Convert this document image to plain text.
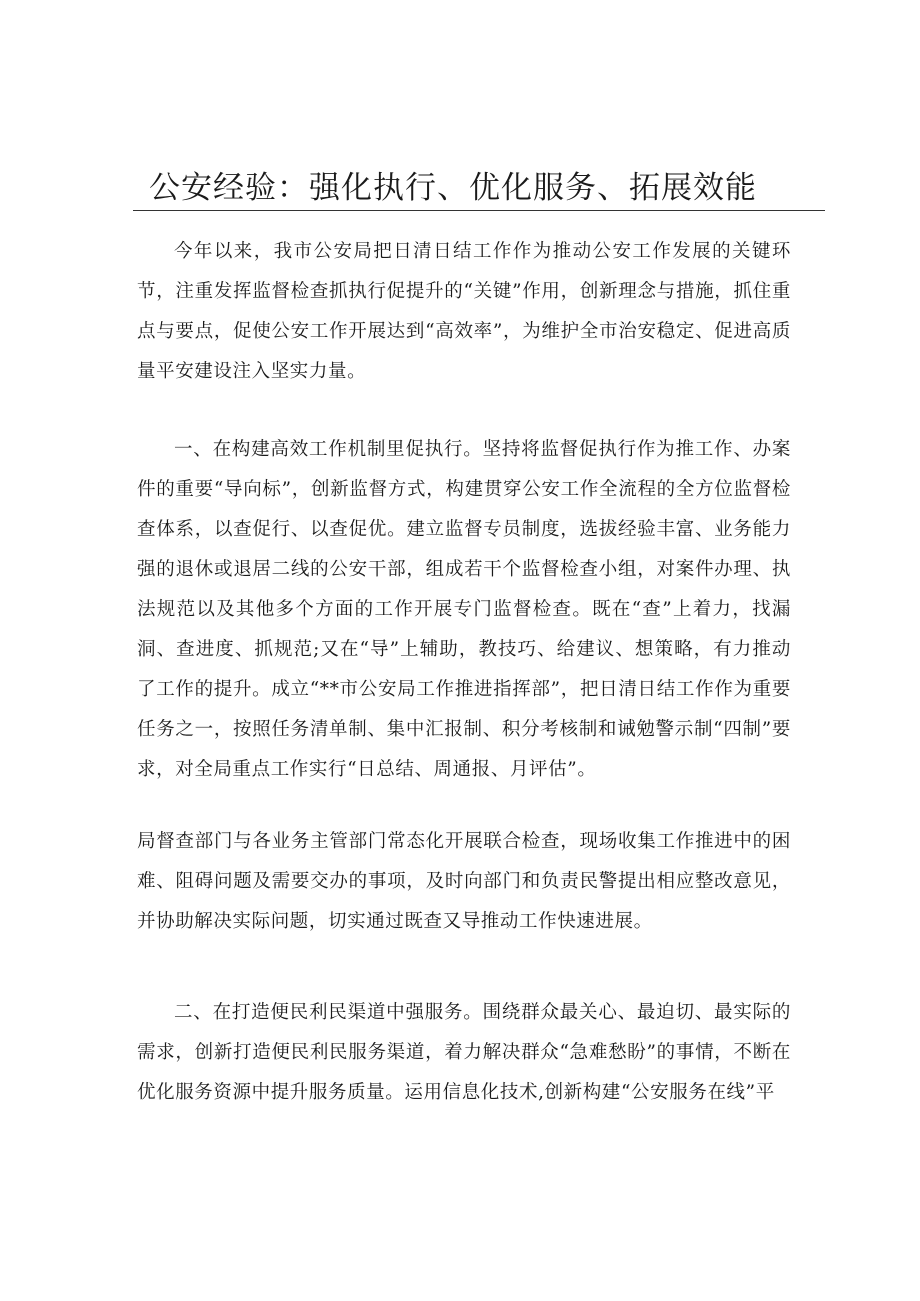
公安经验：强化执行、优化服务、拓展效能

今年以来，我市公安局把日清日结工作作为推动公安工作发展的关键环节，注重发挥监督检查抓执行促提升的“关键”作用，创新理念与措施，抓住重点与要点，促使公安工作开展达到“高效率”，为维护全市治安稳定、促进高质量平安建设注入坚实力量。

一、在构建高效工作机制里促执行。坚持将监督促执行作为推工作、办案件的重要“导向标”，创新监督方式，构建贯穿公安工作全流程的全方位监督检查体系，以查促行、以查促优。建立监督专员制度，选拔经验丰富、业务能力强的退休或退居二线的公安干部，组成若干个监督检查小组，对案件办理、执法规范以及其他多个方面的工作开展专门监督检查。既在“查”上着力，找漏洞、查进度、抓规范;又在“导”上辅助，教技巧、给建议、想策略，有力推动了工作的提升。成立“**市公安局工作推进指挥部”，把日清日结工作作为重要任务之一，按照任务清单制、集中汇报制、积分考核制和诫勉警示制“四制”要求，对全局重点工作实行“日总结、周通报、月评估”。

局督查部门与各业务主管部门常态化开展联合检查，现场收集工作推进中的困难、阻碍问题及需要交办的事项，及时向部门和负责民警提出相应整改意见，并协助解决实际问题，切实通过既查又导推动工作快速进展。

二、在打造便民利民渠道中强服务。围绕群众最关心、最迫切、最实际的需求，创新打造便民利民服务渠道，着力解决群众“急难愁盼”的事情，不断在优化服务资源中提升服务质量。运用信息化技术,创新构建“公安服务在线”平
